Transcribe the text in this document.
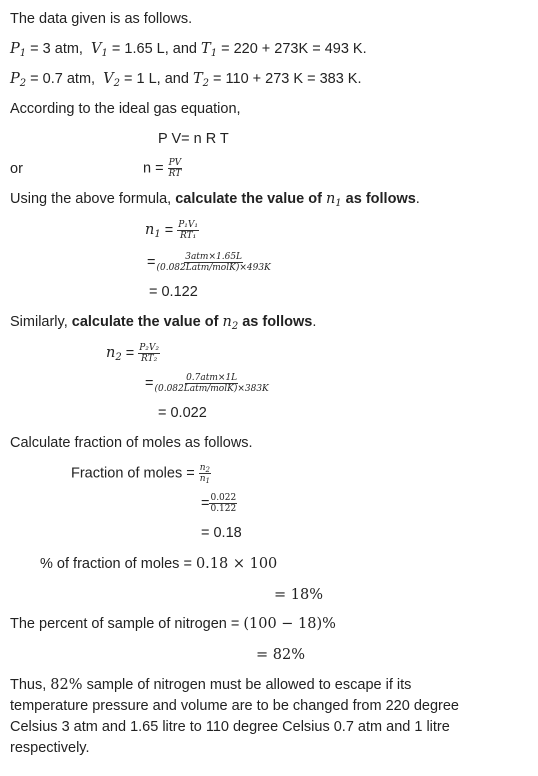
The data given is as follows.
$P_1 = 3$ atm, $V_1 = 1.65$ L, and $T_1 = 220 + 273K = 493$ K.
$P_2 = 0.7$ atm, $V_2 = 1$ L, and $T_2 = 110 + 273$ K = 383 K.
According to the ideal gas equation,
P V= n R T
or	$n = \frac{PV}{RT}$
Using the above formula, calculate the value of $n_1$ as follows.
$n_1 = \frac{\text{P₁V₁}}{\text{RT₁}}$
= $\frac{\text{3atm×1.65L}}{\text{(0.082Latm/molK)×493K}}$
= 0.122
Similarly, calculate the value of $n_2$ as follows.
$n_2 = \frac{\text{P₂V₂}}{\text{RT₂}}$
= $\frac{\text{0.7atm×1L}}{\text{(0.082Latm/molK)×383K}}$
= 0.022
Calculate fraction of moles as follows.
Fraction of moles = $\frac{n_2}{n_1}$
= $\frac{0.022}{0.122}$
= 0.18
% of fraction of moles = 0.18 × 100
= 18%
The percent of sample of nitrogen = (100 − 18)%
= 82%
Thus, 82% sample of nitrogen must be allowed to escape if its
temperature pressure and volume are to be changed from 220 degree
Celsius 3 atm and 1.65 litre to 110 degree Celsius 0.7 atm and 1 litre
respectively.
